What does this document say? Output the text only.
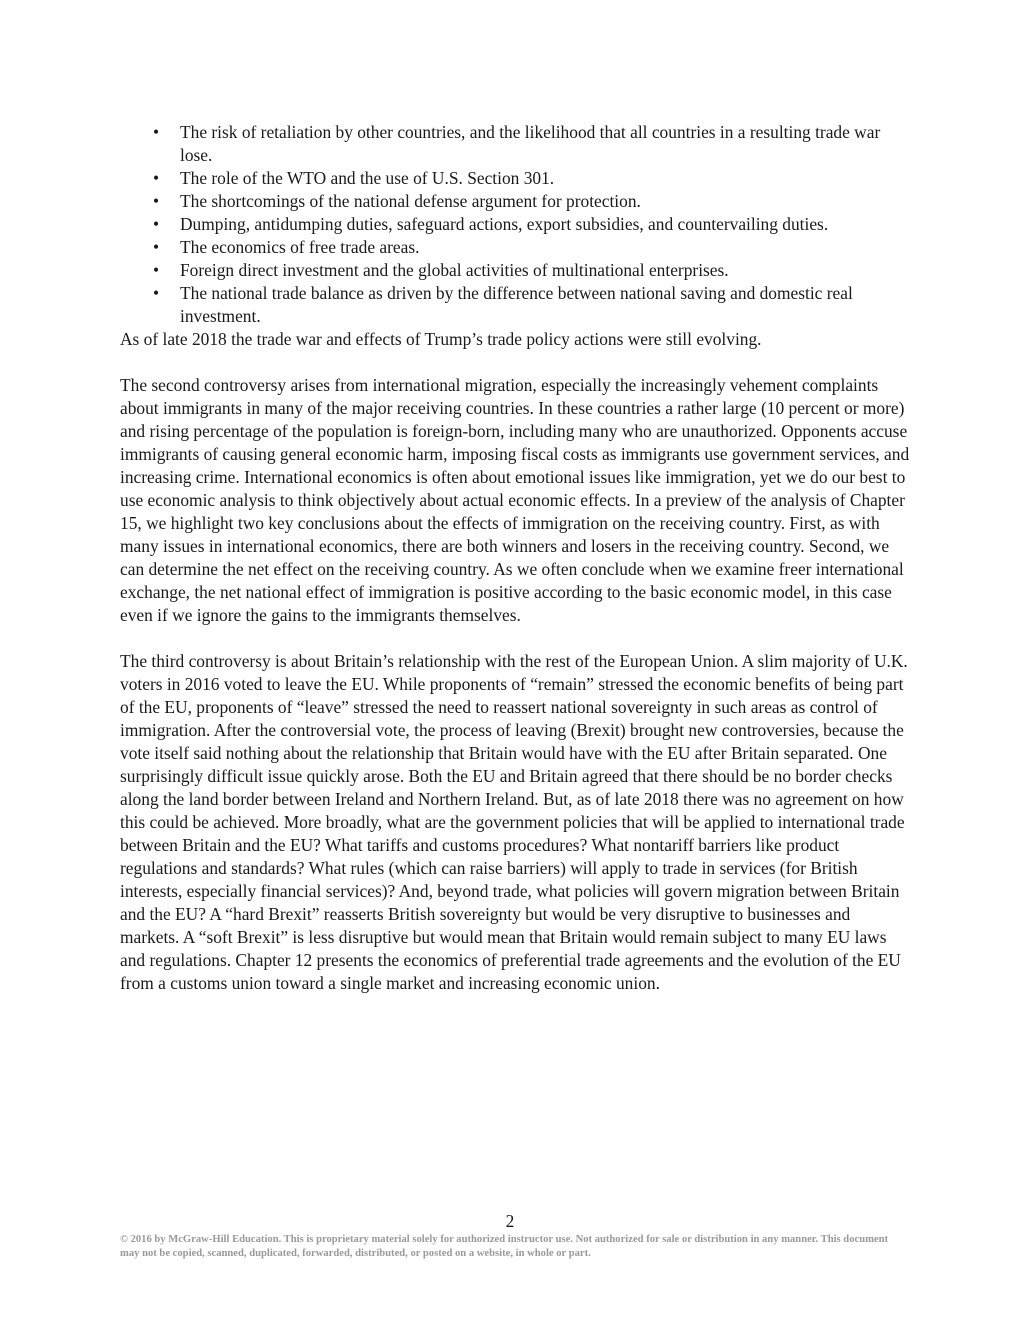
• The risk of retaliation by other countries, and the likelihood that all countries in a resulting trade war lose.
• The role of the WTO and the use of U.S. Section 301.
• The shortcomings of the national defense argument for protection.
• Dumping, antidumping duties, safeguard actions, export subsidies, and countervailing duties.
• The economics of free trade areas.
• Foreign direct investment and the global activities of multinational enterprises.
• The national trade balance as driven by the difference between national saving and domestic real investment.

As of late 2018 the trade war and effects of Trump’s trade policy actions were still evolving.

The second controversy arises from international migration, especially the increasingly vehement complaints about immigrants in many of the major receiving countries. In these countries a rather large (10 percent or more) and rising percentage of the population is foreign-born, including many who are unauthorized. Opponents accuse immigrants of causing general economic harm, imposing fiscal costs as immigrants use government services, and increasing crime. International economics is often about emotional issues like immigration, yet we do our best to use economic analysis to think objectively about actual economic effects. In a preview of the analysis of Chapter 15, we highlight two key conclusions about the effects of immigration on the receiving country. First, as with many issues in international economics, there are both winners and losers in the receiving country. Second, we can determine the net effect on the receiving country. As we often conclude when we examine freer international exchange, the net national effect of immigration is positive according to the basic economic model, in this case even if we ignore the gains to the immigrants themselves.

The third controversy is about Britain’s relationship with the rest of the European Union. A slim majority of U.K. voters in 2016 voted to leave the EU. While proponents of “remain” stressed the economic benefits of being part of the EU, proponents of “leave” stressed the need to reassert national sovereignty in such areas as control of immigration. After the controversial vote, the process of leaving (Brexit) brought new controversies, because the vote itself said nothing about the relationship that Britain would have with the EU after Britain separated. One surprisingly difficult issue quickly arose. Both the EU and Britain agreed that there should be no border checks along the land border between Ireland and Northern Ireland. But, as of late 2018 there was no agreement on how this could be achieved. More broadly, what are the government policies that will be applied to international trade between Britain and the EU? What tariffs and customs procedures? What nontariff barriers like product regulations and standards? What rules (which can raise barriers) will apply to trade in services (for British interests, especially financial services)? And, beyond trade, what policies will govern migration between Britain and the EU? A “hard Brexit” reasserts British sovereignty but would be very disruptive to businesses and markets. A “soft Brexit” is less disruptive but would mean that Britain would remain subject to many EU laws and regulations. Chapter 12 presents the economics of preferential trade agreements and the evolution of the EU from a customs union toward a single market and increasing economic union.

2
© 2016 by McGraw-Hill Education. This is proprietary material solely for authorized instructor use. Not authorized for sale or distribution in any manner. This document may not be copied, scanned, duplicated, forwarded, distributed, or posted on a website, in whole or part.
